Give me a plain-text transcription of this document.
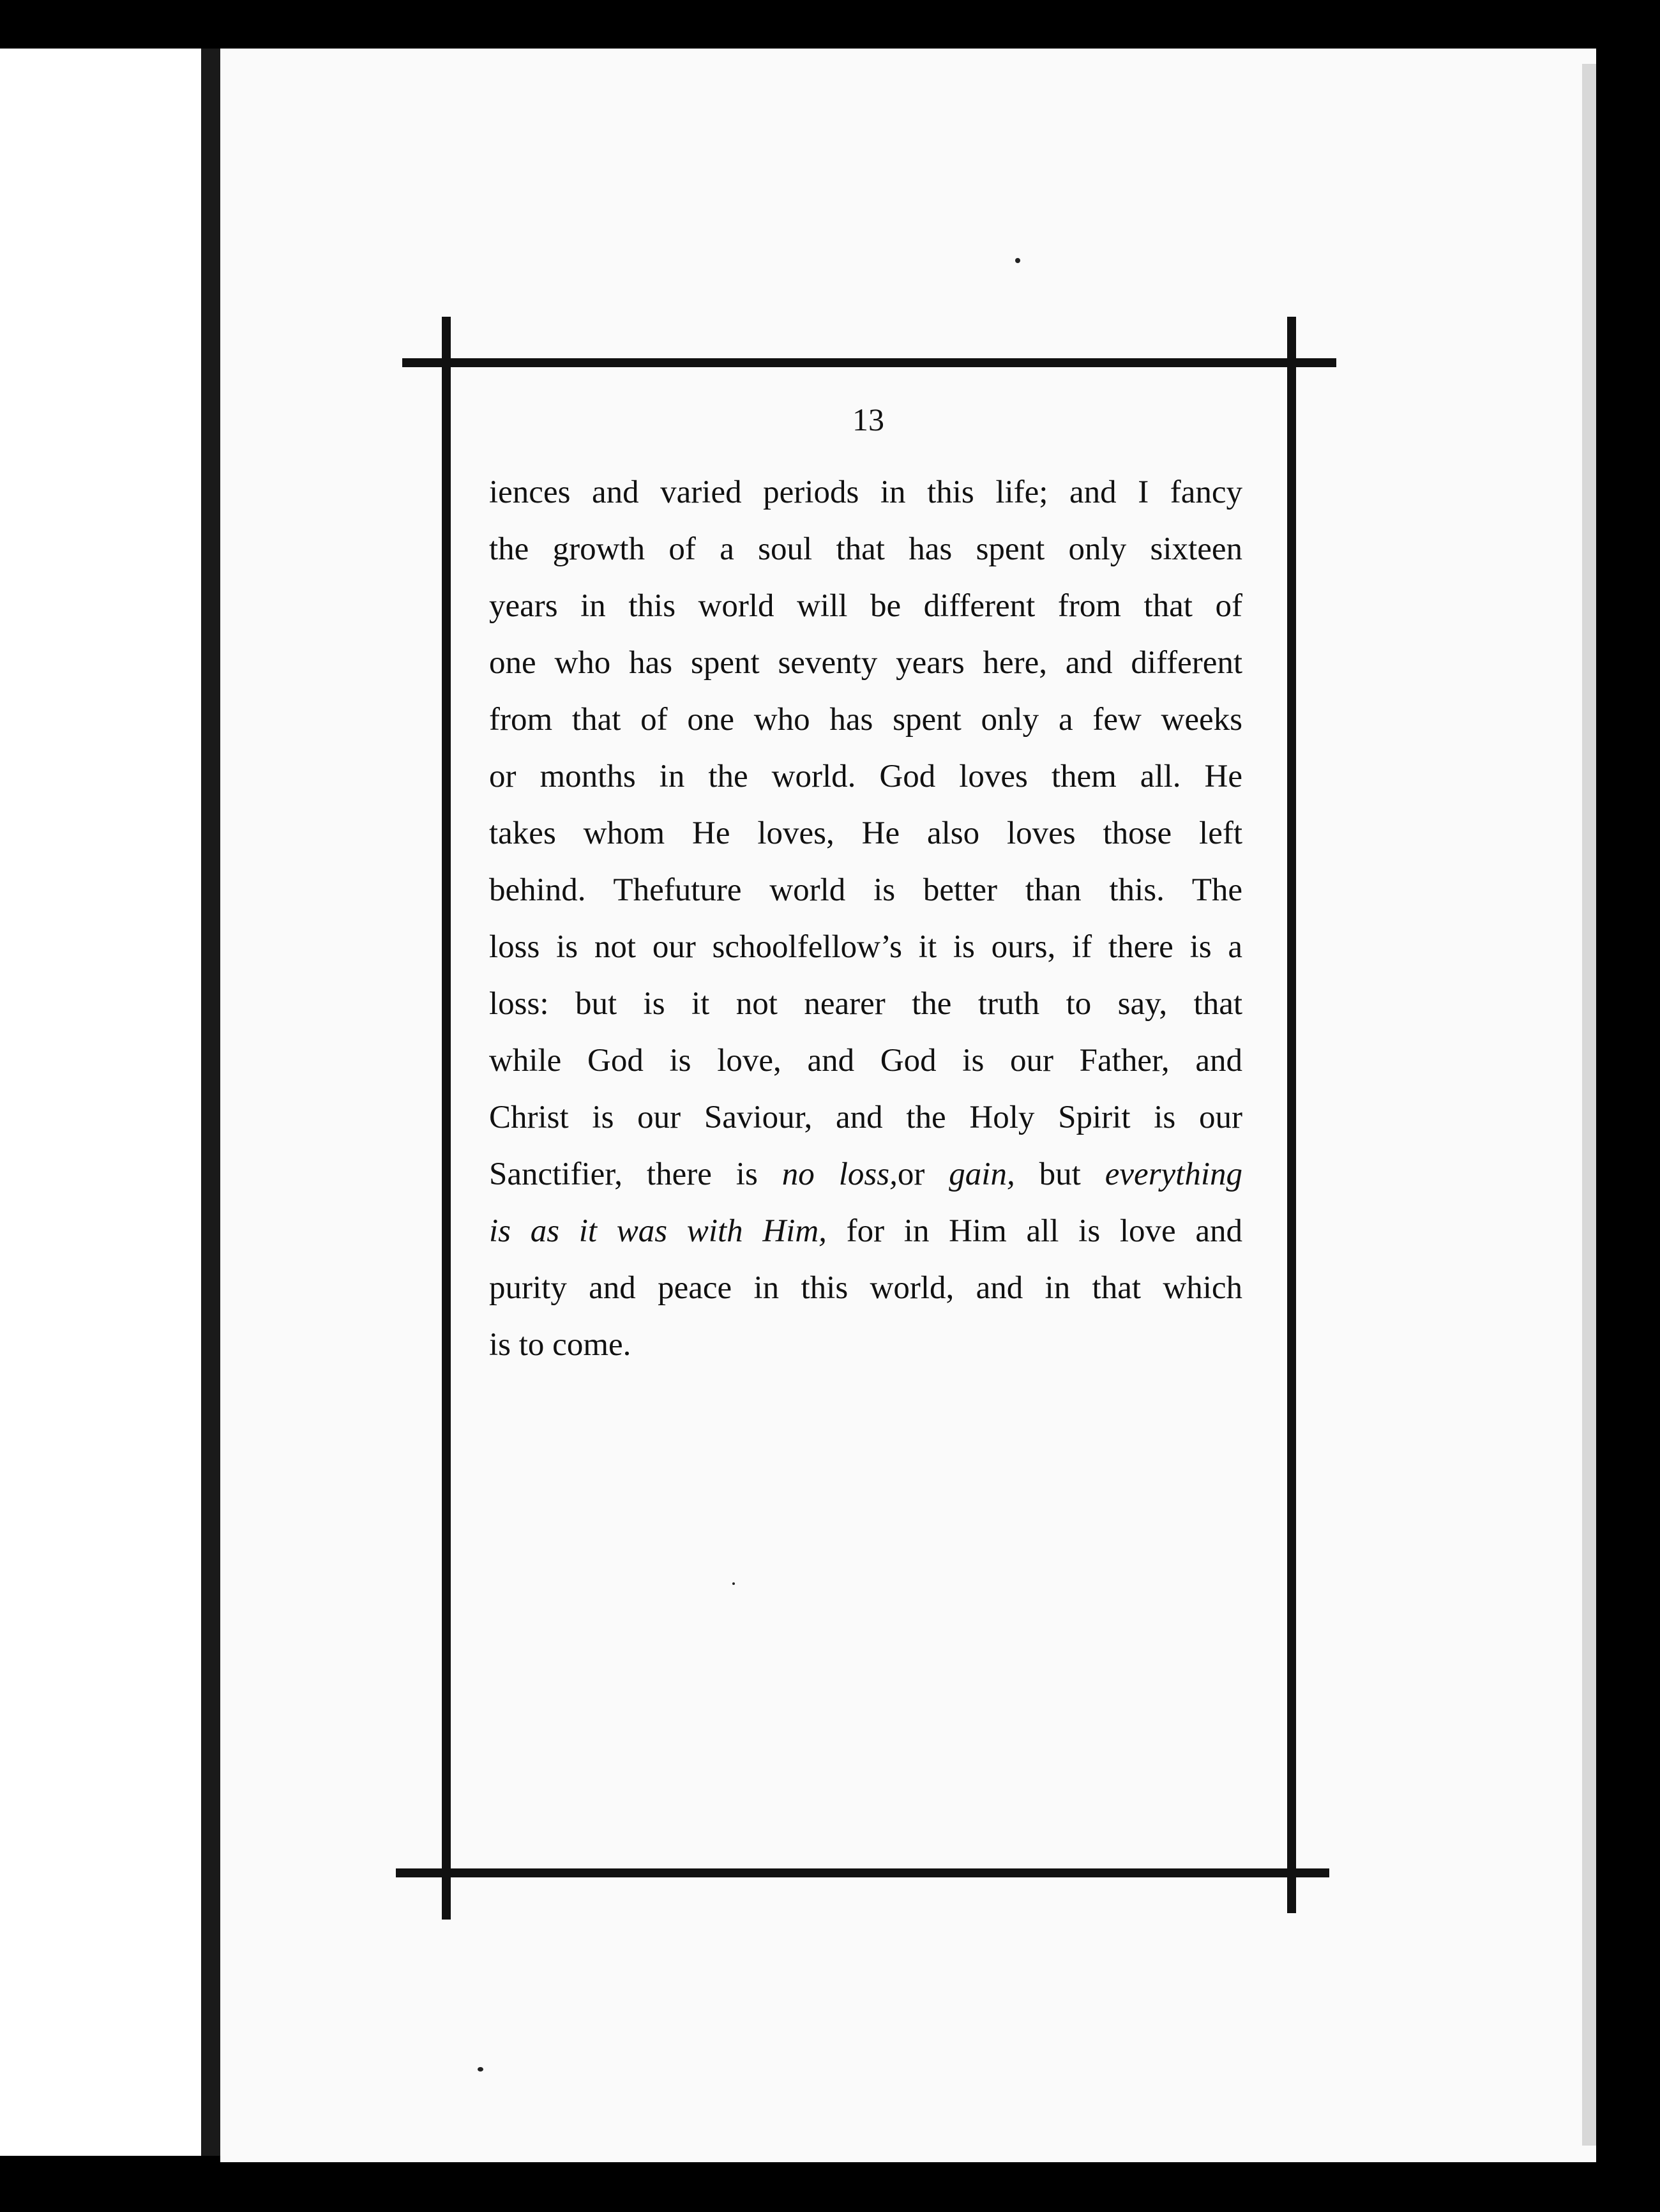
13
iences and varied periods in this life; and I fancy
the growth of a soul that has spent only sixteen
years in this world will be different from that of
one who has spent seventy years here, and different
from that of one who has spent only a few weeks
or months in the world. God loves them all. He
takes whom He loves, He also loves those left
behind. Thefuture world is better than this. The
loss is not our schoolfellow’s it is ours, if there is a
loss: but is it not nearer the truth to say, that
while God is love, and God is our Father, and
Christ is our Saviour, and the Holy Spirit is our
Sanctifier, there is no loss,or gain, but everything
is as it was with Him, for in Him all is love and
purity and peace in this world, and in that which
is to come.
